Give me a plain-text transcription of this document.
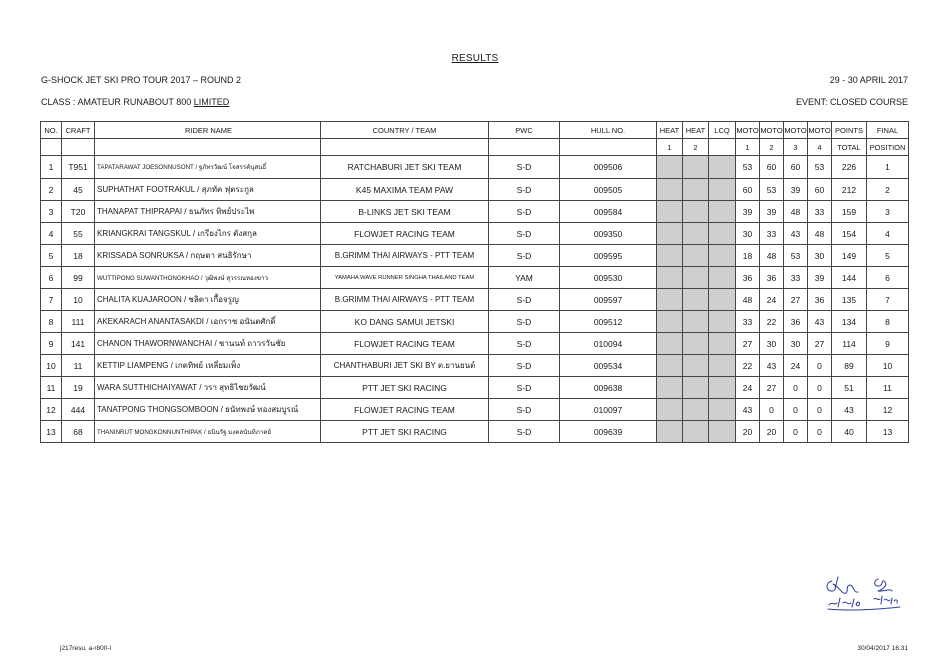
RESULTS
G-SHOCK JET SKI PRO TOUR 2017 – ROUND 2	29 - 30 APRIL 2017
CLASS : AMATEUR RUNABOUT 800 LIMITED	EVENT: CLOSED COURSE
NO.	CRAFT	RIDER NAME	COUNTRY / TEAM	PWC	HULL NO.	HEAT	HEAT	LCQ	MOTO	MOTO	MOTO	MOTO	POINTS	FINAL
						1	2		1	2	3	4	TOTAL	POSITION
1	T951	TAPATARAWAT JOESONNUSONT / ฐภัทรวัฒน์ โจสรรค์นุสนธิ์	RATCHABURI JET SKI TEAM	S-D	009506				53	60	60	53	226	1
2	45	SUPHATHAT FOOTRAKUL / สุภทัค ฟุตระกูล	K45 MAXIMA TEAM PAW	S-D	009505				60	53	39	60	212	2
3	T20	THANAPAT THIPRAPAI / ธนภัทร ทิพย์ประไพ	B-LINKS JET SKI TEAM	S-D	009584				39	39	48	33	159	3
4	55	KRIANGKRAI TANGSKUL / เกรียงไกร ตังสกุล	FLOWJET RACING TEAM	S-D	009350				30	33	43	48	154	4
5	18	KRISSADA SONRUKSA / กฤษดา สนธิรักษา	B.GRIMM THAI AIRWAYS - PTT TEAM	S-D	009595				18	48	53	30	149	5
6	99	WUTTIPONG SUWANTHONGKHAO / วุฒิพงษ์ สุวรรณทองขาว	YAMAHA WAVE RUNNER SINGHA THAILAND TEAM	YAM	009530				36	36	33	39	144	6
7	10	CHALITA KUAJAROON / ชลิตา เกื้อจรูญ	B.GRIMM THAI AIRWAYS - PTT TEAM	S-D	009597				48	24	27	36	135	7
8	111	AKEKARACH ANANTASAKDI / เอกราช อนันตศักดิ์	KO DANG SAMUI JETSKI	S-D	009512				33	22	36	43	134	8
9	141	CHANON THAWORNWANCHAI / ชานนท์ ถาวรวันชัย	FLOWJET RACING TEAM	S-D	010094				27	30	30	27	114	9
10	11	KETTIP LIAMPENG / เกตทิพย์ เหลี่ยมเพ็ง	CHANTHABURI JET SKI BY ต.ยานยนต์	S-D	009534				22	43	24	0	89	10
11	19	WARA SUTTHICHAIYAWAT / วรา สุทธิไชยวัฒน์	PTT JET SKI RACING	S-D	009638				24	27	0	0	51	11
12	444	TANATPONG THONGSOMBOON / ธนัทพงษ์ ทองสมบูรณ์	FLOWJET RACING TEAM	S-D	010097				43	0	0	0	43	12
13	68	THANINRUT MONGKONNUNTHIPAK / ธนินรัฐ มงคลนันทิภาคย์	PTT JET SKI RACING	S-D	009639				20	20	0	0	40	13
j217resu. a-r800-l	30/04/2017 16:31
